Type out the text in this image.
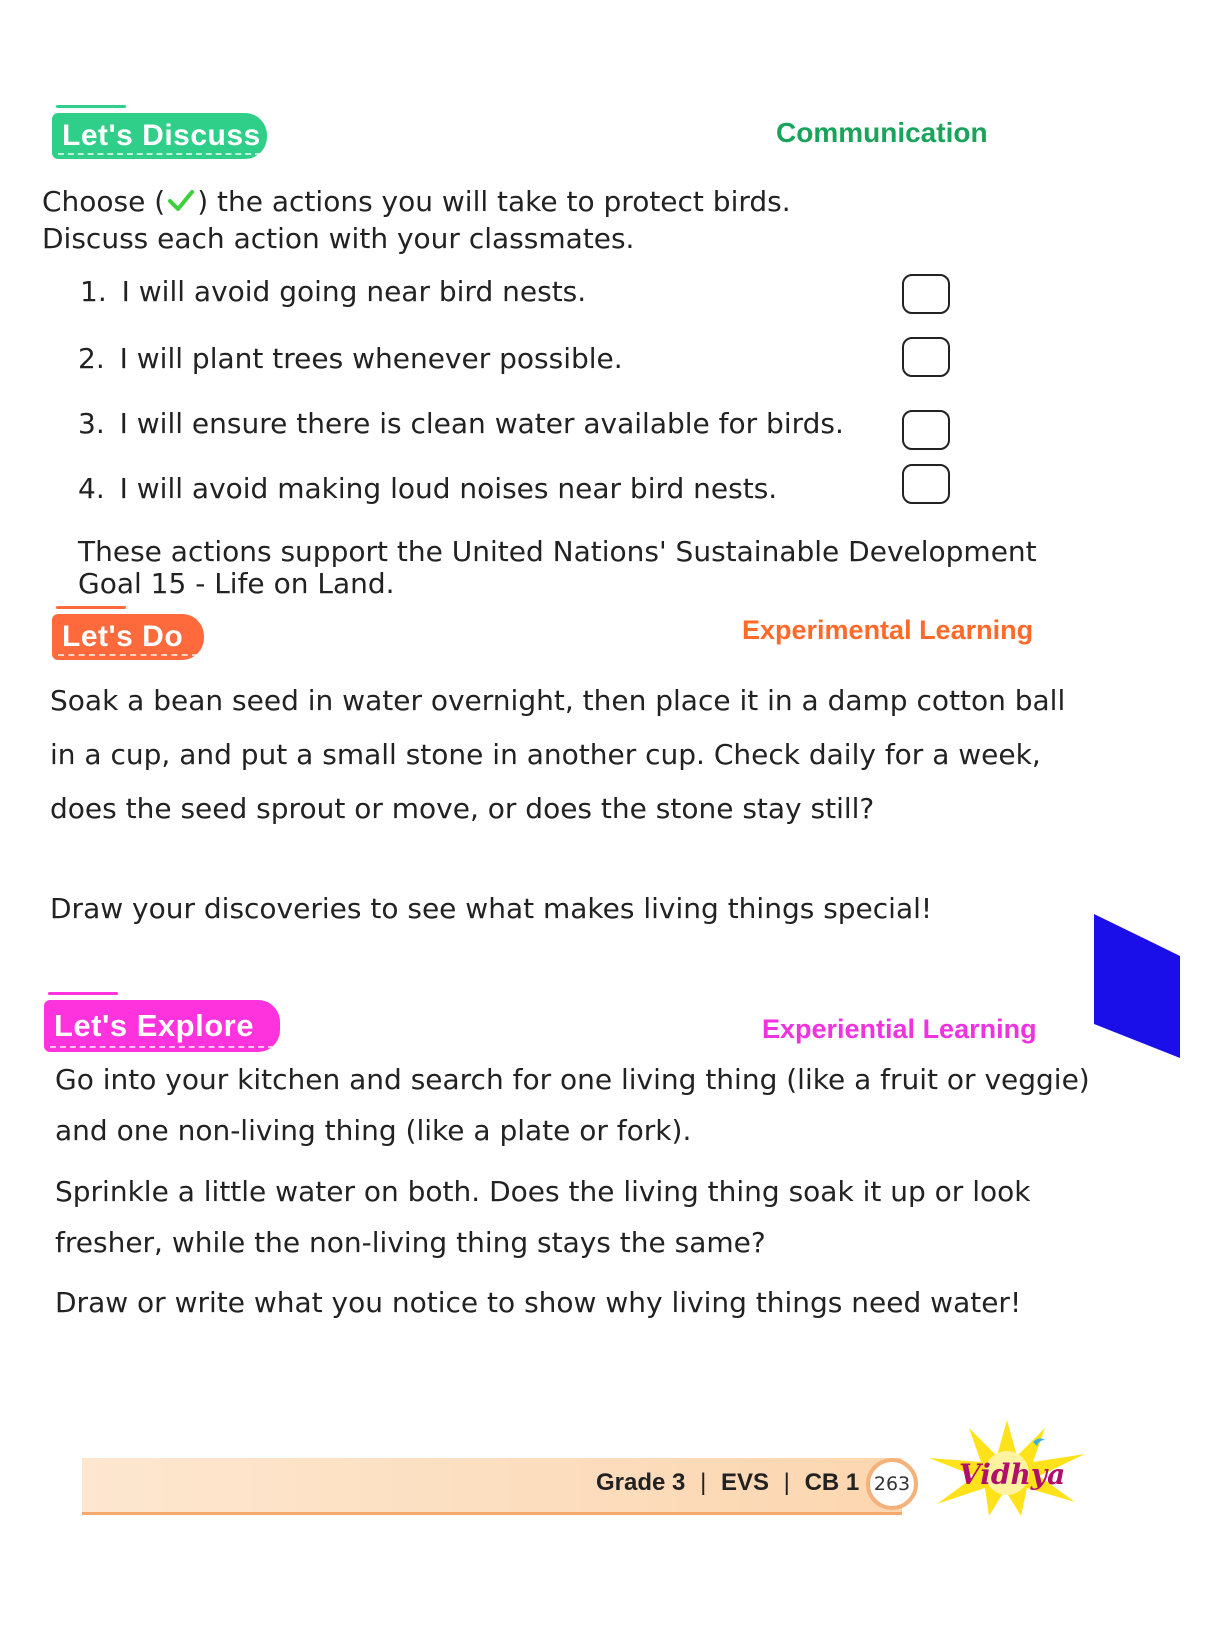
Let's Discuss	Communication
Choose ( ) the actions you will take to protect birds.
Discuss each action with your classmates.
1. I will avoid going near bird nests.
2. I will plant trees whenever possible.
3. I will ensure there is clean water available for birds.
4. I will avoid making loud noises near bird nests.
These actions support the United Nations' Sustainable Development
Goal 15 - Life on Land.
Let's Do	Experimental Learning
Soak a bean seed in water overnight, then place it in a damp cotton ball
in a cup, and put a small stone in another cup. Check daily for a week,
does the seed sprout or move, or does the stone stay still?
Draw your discoveries to see what makes living things special!
Let's Explore	Experiential Learning
Go into your kitchen and search for one living thing (like a fruit or veggie)
and one non-living thing (like a plate or fork).
Sprinkle a little water on both. Does the living thing soak it up or look
fresher, while the non-living thing stays the same?
Draw or write what you notice to show why living things need water!
Grade 3 | EVS | CB 1 263 Vidhya
